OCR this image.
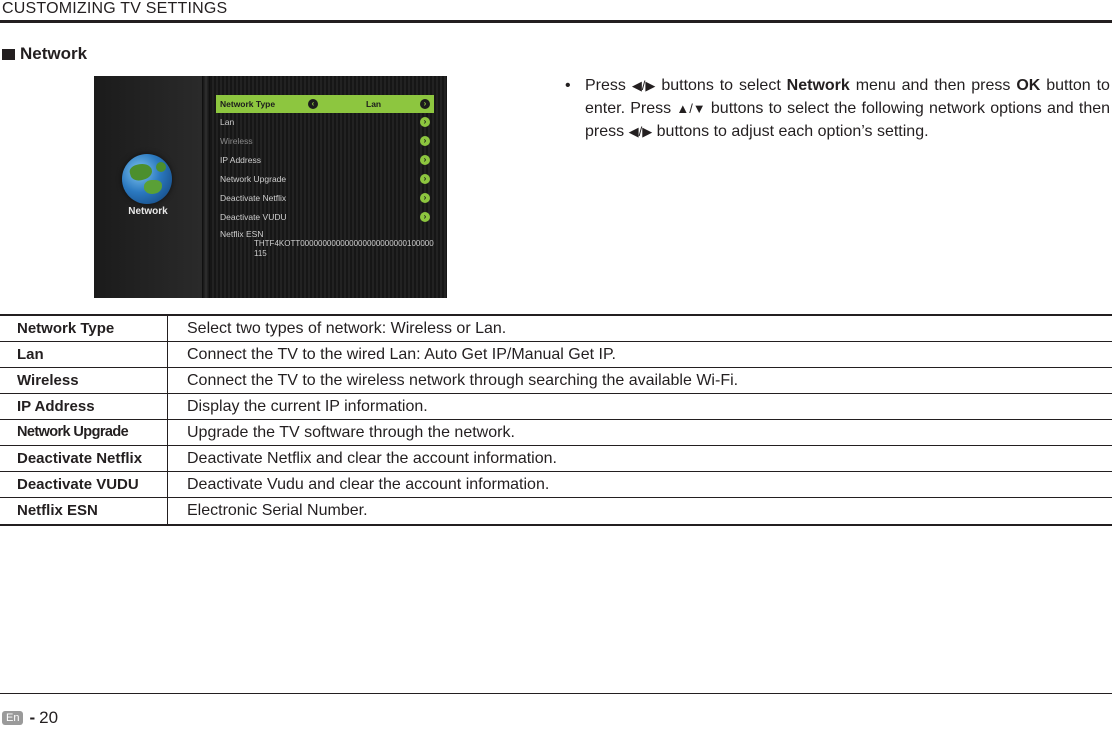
CUSTOMIZING TV SETTINGS
Network
Network
Network Type	‹	Lan	›
Lan	›
Wireless	›
IP Address	›
Network Upgrade	›
Deactivate Netflix	›
Deactivate VUDU	›
Netflix ESN
THTF4KOTT000000000000000000000000100000115
• Press ◀/▶ buttons to select Network menu and then press OK button to enter. Press ▲/▼ buttons to select the following network options and then press ◀/▶ buttons to adjust each option’s setting.
Network Type	Select two types of network: Wireless or Lan.
Lan	Connect the TV to the wired Lan: Auto Get IP/Manual Get IP.
Wireless	Connect the TV to the wireless network through searching the available Wi-Fi.
IP Address	Display the current IP information.
Network Upgrade	Upgrade the TV software through the network.
Deactivate Netflix	Deactivate Netflix and clear the account information.
Deactivate VUDU	Deactivate Vudu and clear the account information.
Netflix ESN	Electronic Serial Number.
En - 20
